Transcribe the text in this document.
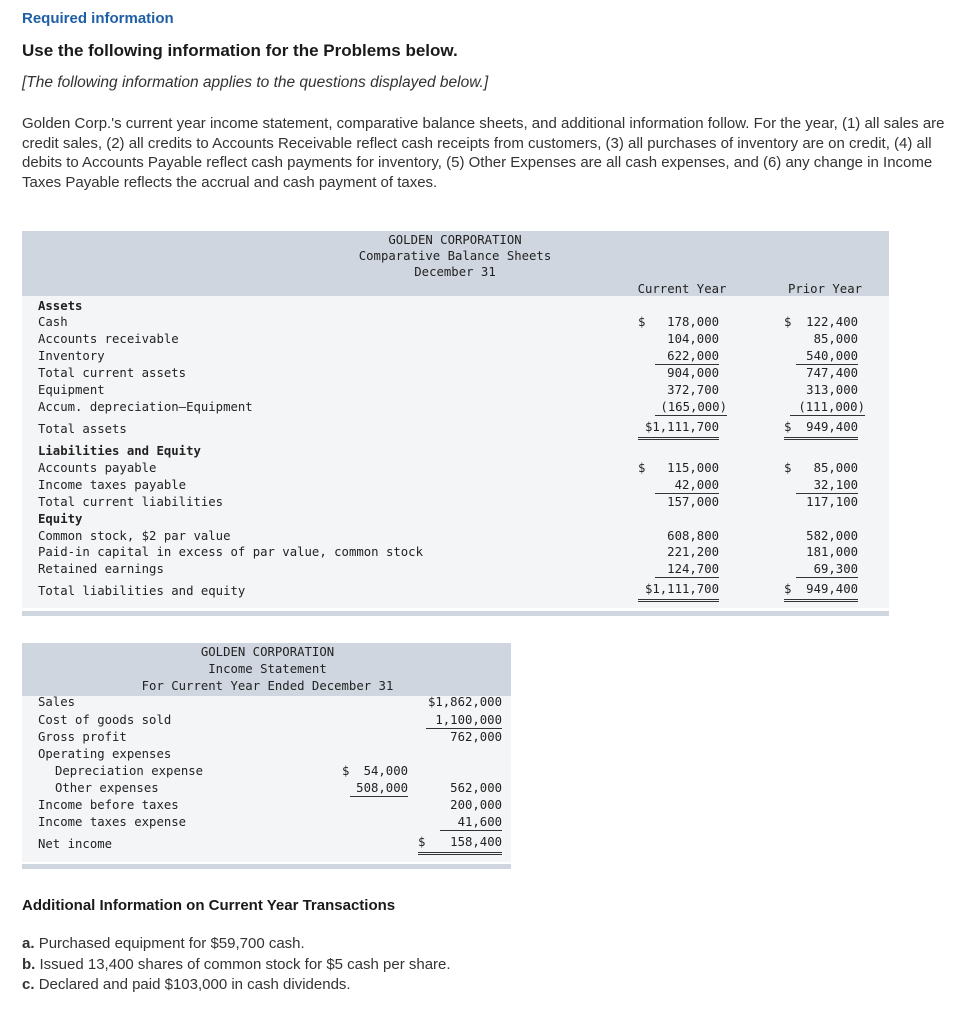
Required information
Use the following information for the Problems below.
[The following information applies to the questions displayed below.]
Golden Corp.'s current year income statement, comparative balance sheets, and additional information follow. For the year, (1) all sales are credit sales, (2) all credits to Accounts Receivable reflect cash receipts from customers, (3) all purchases of inventory are on credit, (4) all debits to Accounts Payable reflect cash payments for inventory, (5) Other Expenses are all cash expenses, and (6) any change in Income Taxes Payable reflects the accrual and cash payment of taxes.
GOLDEN CORPORATION
Comparative Balance Sheets
December 31
Current Year	Prior Year
Assets
Cash
Accounts receivable
Inventory
Total current assets
Equipment
Accum. depreciation—Equipment
Total assets
Liabilities and Equity
Accounts payable
Income taxes payable
Total current liabilities
Equity
Common stock, $2 par value
Paid-in capital in excess of par value, common stock
Retained earnings
Total liabilities and equity
$ 178,000
104,000
622,000
904,000
372,700
(165,000)
$1,111,700
$ 115,000
42,000
157,000
608,800
221,200
124,700
$1,111,700
$ 122,400
85,000
540,000
747,400
313,000
(111,000)
$ 949,400
$ 85,000
32,100
117,100
582,000
181,000
69,300
$ 949,400
GOLDEN CORPORATION
Income Statement
For Current Year Ended December 31
Sales
Cost of goods sold
Gross profit
Operating expenses
Depreciation expense
Other expenses
Income before taxes
Income taxes expense
Net income
$ 54,000
508,000
$1,862,000
1,100,000
762,000
562,000
200,000
41,600
$ 158,400
Additional Information on Current Year Transactions
a. Purchased equipment for $59,700 cash.
b. Issued 13,400 shares of common stock for $5 cash per share.
c. Declared and paid $103,000 in cash dividends.
